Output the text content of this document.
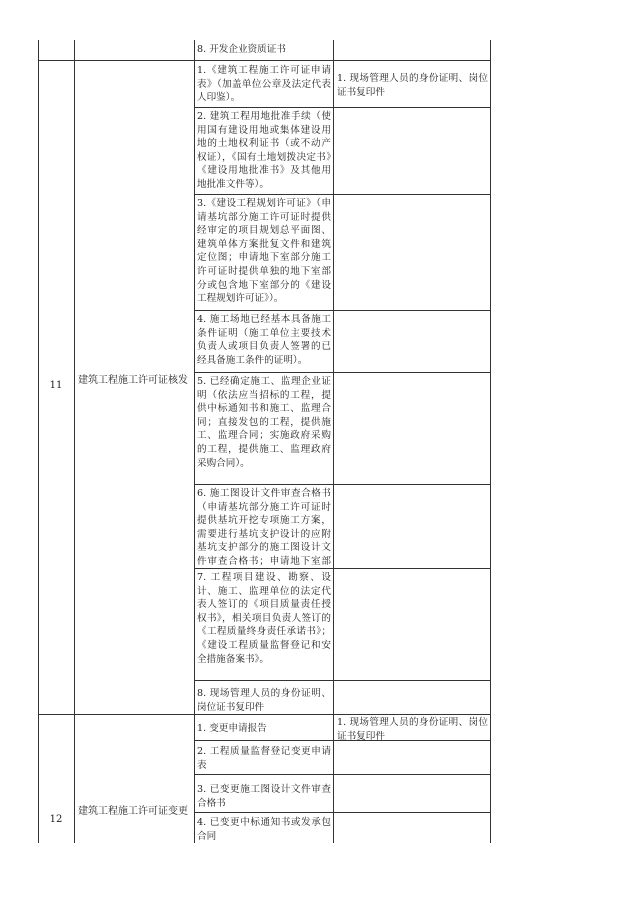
8. 开发企业资质证书
11	建筑工程施工许可证核发
1.《建筑工程施工许可证申请表》（加盖单位公章及法定代表人印鉴）。
2. 建筑工程用地批准手续（使用国有建设用地或集体建设用地的土地权利证书（或不动产权证），《国有土地划拨决定书》《建设用地批准书》及其他用地批准文件等）。
3.《建设工程规划许可证》（申请基坑部分施工许可证时提供经审定的项目规划总平面图、建筑单体方案批复文件和建筑定位图；申请地下室部分施工许可证时提供单独的地下室部分或包含地下室部分的《建设工程规划许可证》）。
4. 施工场地已经基本具备施工条件证明（施工单位主要技术负责人或项目负责人签署的已经具备施工条件的证明）。
5. 已经确定施工、监理企业证明（依法应当招标的工程，提供中标通知书和施工、监理合同；直接发包的工程，提供施工、监理合同；实施政府采购的工程，提供施工、监理政府采购合同）。
6. 施工图设计文件审查合格书（申请基坑部分施工许可证时提供基坑开挖专项施工方案，需要进行基坑支护设计的应附基坑支护部分的施工图设计文件审查合格书；申请地下室部
7. 工程项目建设、勘察、设计、施工、监理单位的法定代表人签订的《项目质量责任授权书》，相关项目负责人签订的《工程质量终身责任承诺书》；《建设工程质量监督登记和安全措施备案书》。
8. 现场管理人员的身份证明、岗位证书复印件
1. 现场管理人员的身份证明、岗位证书复印件
12
建筑工程施工许可证变更
1. 变更申请报告
2. 工程质量监督登记变更申请表
3. 已变更施工图设计文件审查合格书
4. 已变更中标通知书或发承包合同
1. 现场管理人员的身份证明、岗位证书复印件
